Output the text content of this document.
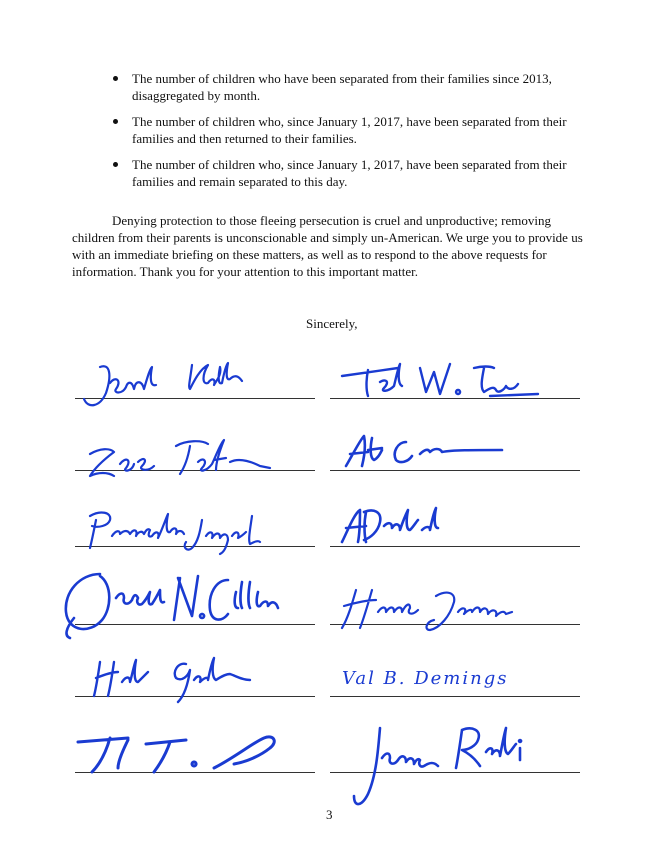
The number of children who have been separated from their families since 2013, disaggregated by month.
The number of children who, since January 1, 2017, have been separated from their families and then returned to their families.
The number of children who, since January 1, 2017, have been separated from their families and remain separated to this day.
Denying protection to those fleeing persecution is cruel and unproductive; removing children from their parents is unconscionable and simply un-American. We urge you to provide us with an immediate briefing on these matters, as well as to respond to the above requests for information. Thank you for your attention to this important matter.
Sincerely,
Val B. Demings
3
